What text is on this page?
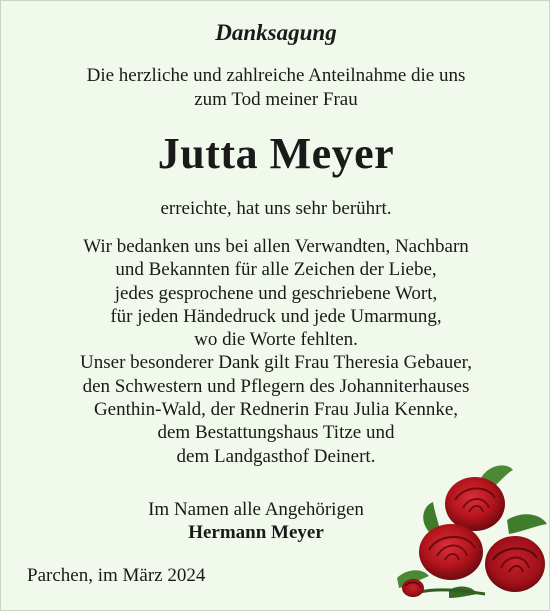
Danksagung
Die herzliche und zahlreiche Anteilnahme die uns
zum Tod meiner Frau
Jutta Meyer
erreichte, hat uns sehr berührt.
Wir bedanken uns bei allen Verwandten, Nachbarn
und Bekannten für alle Zeichen der Liebe,
jedes gesprochene und geschriebene Wort,
für jeden Händedruck und jede Umarmung,
wo die Worte fehlten.
Unser besonderer Dank gilt Frau Theresia Gebauer,
den Schwestern und Pflegern des Johanniterhauses
Genthin-Wald, der Rednerin Frau Julia Kennke,
dem Bestattungshaus Titze und
dem Landgasthof Deinert.
Im Namen alle Angehörigen
Hermann Meyer
Parchen, im März 2024
